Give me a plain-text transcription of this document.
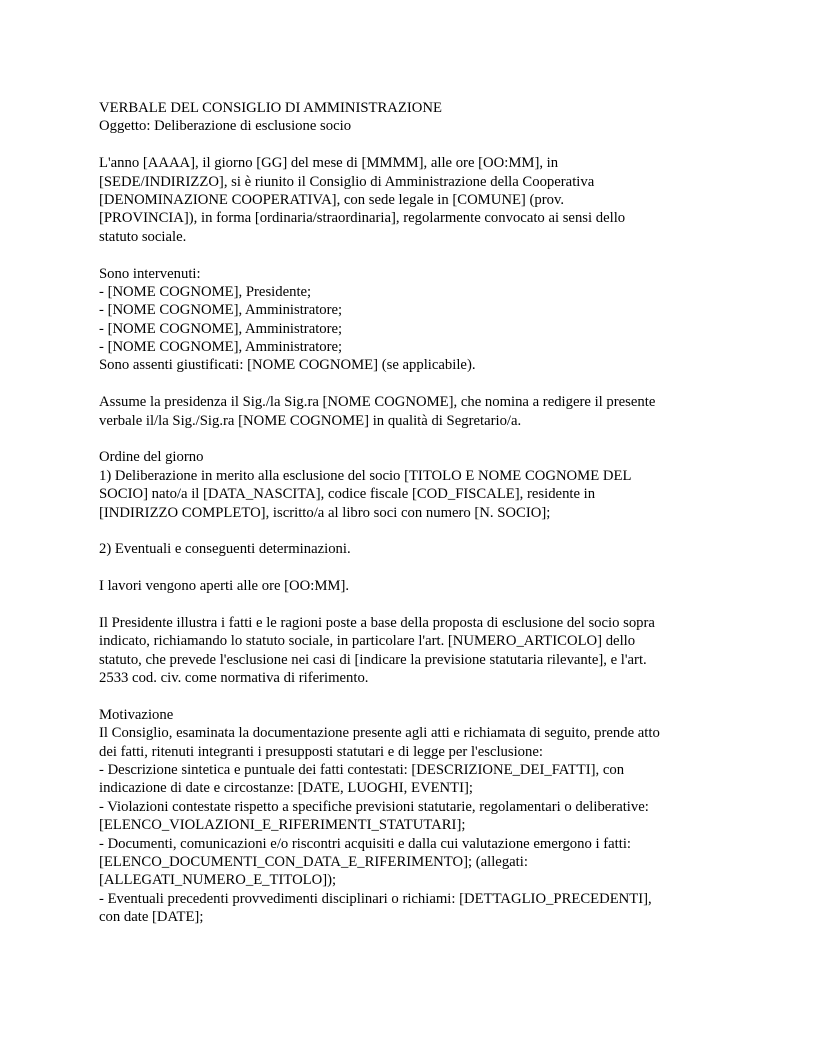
VERBALE DEL CONSIGLIO DI AMMINISTRAZIONE
Oggetto: Deliberazione di esclusione socio
L'anno [AAAA], il giorno [GG] del mese di [MMMM], alle ore [OO:MM], in
[SEDE/INDIRIZZO], si è riunito il Consiglio di Amministrazione della Cooperativa
[DENOMINAZIONE COOPERATIVA], con sede legale in [COMUNE] (prov.
[PROVINCIA]), in forma [ordinaria/straordinaria], regolarmente convocato ai sensi dello
statuto sociale.
Sono intervenuti:
- [NOME COGNOME], Presidente;
- [NOME COGNOME], Amministratore;
- [NOME COGNOME], Amministratore;
- [NOME COGNOME], Amministratore;
Sono assenti giustificati: [NOME COGNOME] (se applicabile).
Assume la presidenza il Sig./la Sig.ra [NOME COGNOME], che nomina a redigere il presente
verbale il/la Sig./Sig.ra [NOME COGNOME] in qualità di Segretario/a.
Ordine del giorno
1) Deliberazione in merito alla esclusione del socio [TITOLO E NOME COGNOME DEL
SOCIO] nato/a il [DATA_NASCITA], codice fiscale [COD_FISCALE], residente in
[INDIRIZZO COMPLETO], iscritto/a al libro soci con numero [N. SOCIO];
2) Eventuali e conseguenti determinazioni.
I lavori vengono aperti alle ore [OO:MM].
Il Presidente illustra i fatti e le ragioni poste a base della proposta di esclusione del socio sopra
indicato, richiamando lo statuto sociale, in particolare l'art. [NUMERO_ARTICOLO] dello
statuto, che prevede l'esclusione nei casi di [indicare la previsione statutaria rilevante], e l'art.
2533 cod. civ. come normativa di riferimento.
Motivazione
Il Consiglio, esaminata la documentazione presente agli atti e richiamata di seguito, prende atto
dei fatti, ritenuti integranti i presupposti statutari e di legge per l'esclusione:
- Descrizione sintetica e puntuale dei fatti contestati: [DESCRIZIONE_DEI_FATTI], con
indicazione di date e circostanze: [DATE, LUOGHI, EVENTI];
- Violazioni contestate rispetto a specifiche previsioni statutarie, regolamentari o deliberative:
[ELENCO_VIOLAZIONI_E_RIFERIMENTI_STATUTARI];
- Documenti, comunicazioni e/o riscontri acquisiti e dalla cui valutazione emergono i fatti:
[ELENCO_DOCUMENTI_CON_DATA_E_RIFERIMENTO]; (allegati:
[ALLEGATI_NUMERO_E_TITOLO]);
- Eventuali precedenti provvedimenti disciplinari o richiami: [DETTAGLIO_PRECEDENTI],
con date [DATE];
